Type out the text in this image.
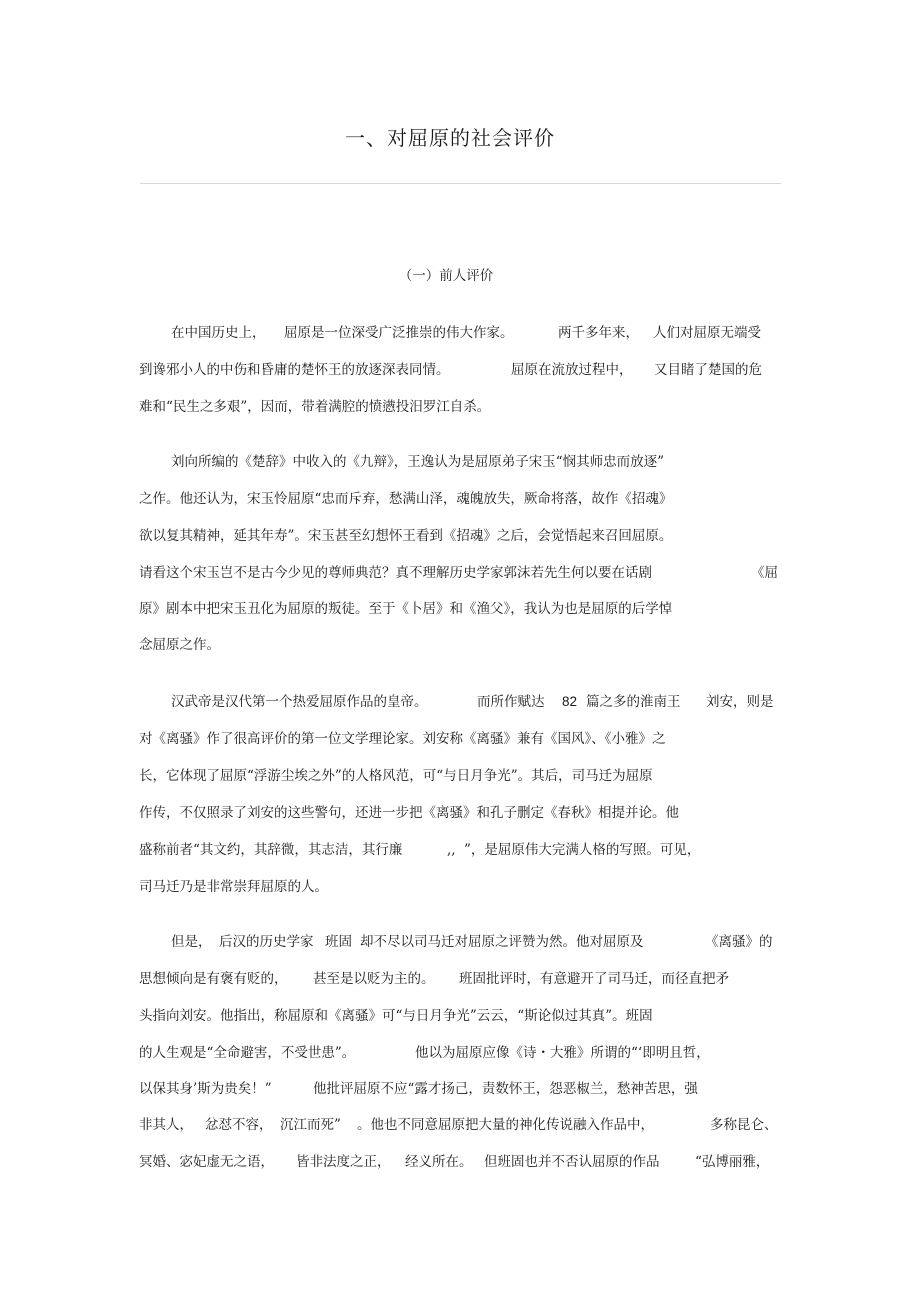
一、对屈原的社会评价
（一）前人评价

在中国历史上，

屈原是一位深受广泛推崇的伟大作家。

	两千多年来，

人们对屈原无端受

到谗邪小人的中伤和昏庸的楚怀王的放逐深表同情。

	屈原在流放过程中，

又目睹了楚国的危

难和“民生之多艰”，因而，带着满腔的愤懑投汨罗江自杀。

刘向所编的《楚辞》中收入的《九辩》，王逸认为是屈原弟子宋玉“悯其师忠而放逐”

之作。他还认为，宋玉怜屈原“忠而斥弃，愁满山泽，魂魄放失，厥命将落，故作《招魂》

欲以复其精神，延其年寿”。宋玉甚至幻想怀王看到《招魂》之后，会觉悟起来召回屈原。

请看这个宋玉岂不是古今少见的尊师典范？真不理解历史学家郭沫若先生何以要在话剧

	《屈

原》剧本中把宋玉丑化为屈原的叛徒。至于《卜居》和《渔父》，我认为也是屈原的后学悼

念屈原之作。

汉武帝是汉代第一个热爱屈原作品的皇帝。

	而所作赋达

82

篇之多的淮南王

刘安，则是

对《离骚》作了很高评价的第一位文学理论家。刘安称《离骚》兼有《国风》、《小雅》之

长，它体现了屈原“浮游尘埃之外”的人格风范，可“与日月争光”。其后，司马迁为屈原

作传，不仅照录了刘安的这些警句，还进一步把《离骚》和孔子删定《春秋》相提并论。他

盛称前者“其文约，其辞微，其志洁，其行廉

	,,

”，是屈原伟大完满人格的写照。可见，

司马迁乃是非常崇拜屈原的人。

但是，

后汉的历史学家

班固

却不尽以司马迁对屈原之评赞为然。他对屈原及

	《离骚》的

思想倾向是有褒有贬的，

甚至是以贬为主的。

班固批评时，有意避开了司马迁，而径直把矛

头指向刘安。他指出，称屈原和《离骚》可“与日月争光”云云，“斯论似过其真”。班固

的人生观是“全命避害，不受世患”。

	他以为屈原应像《诗・大雅》所谓的“‘即明且哲，

以保其身’斯为贵矣！”

	他批评屈原不应“露才扬己，责数怀王，怨恶椒兰，愁神苦思，强

非其人，

忿怼不容，

沉江而死”

。他也不同意屈原把大量的神化传说融入作品中，

	多称昆仑、

冥婚、宓妃虚无之语，

皆非法度之正，

经义所在。

但班固也并不否认屈原的作品

	“弘博丽雅，
